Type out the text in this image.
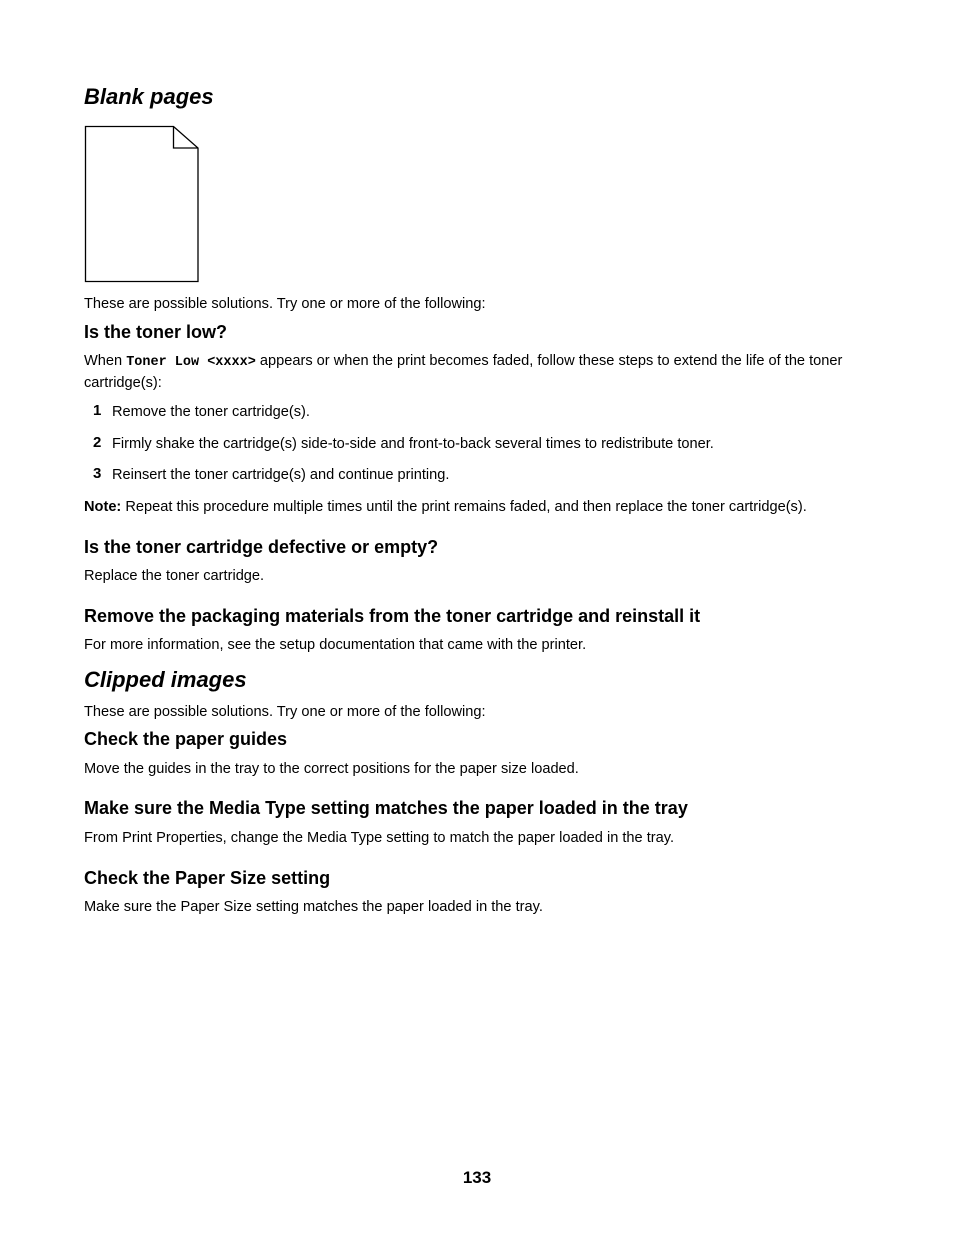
Blank pages

These are possible solutions. Try one or more of the following:

Is the toner low?

When Toner Low <xxxx> appears or when the print becomes faded, follow these steps to extend the life of the toner cartridge(s):

1 Remove the toner cartridge(s).
2 Firmly shake the cartridge(s) side-to-side and front-to-back several times to redistribute toner.
3 Reinsert the toner cartridge(s) and continue printing.

Note: Repeat this procedure multiple times until the print remains faded, and then replace the toner cartridge(s).

Is the toner cartridge defective or empty?

Replace the toner cartridge.

Remove the packaging materials from the toner cartridge and reinstall it

For more information, see the setup documentation that came with the printer.

Clipped images

These are possible solutions. Try one or more of the following:

Check the paper guides

Move the guides in the tray to the correct positions for the paper size loaded.

Make sure the Media Type setting matches the paper loaded in the tray

From Print Properties, change the Media Type setting to match the paper loaded in the tray.

Check the Paper Size setting

Make sure the Paper Size setting matches the paper loaded in the tray.

133
